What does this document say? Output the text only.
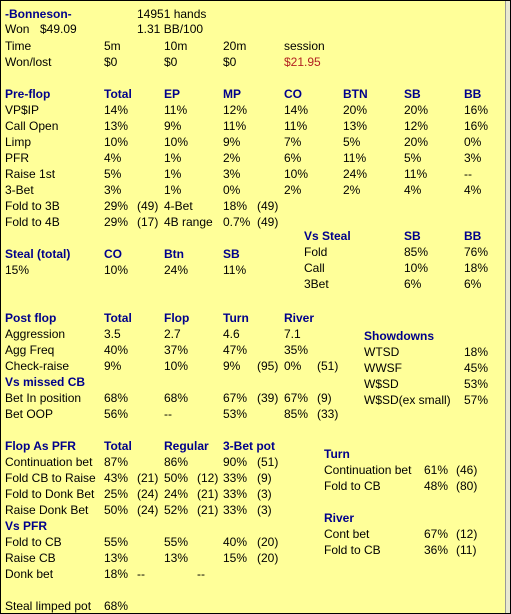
-Bonneson-	14951 hands
Won $49.09	1.31 BB/100
Time	5m	10m	20m	session
Won/lost	$0	$0	$0	$21.95
Pre-flop	Total	EP	MP	CO	BTN	SB	BB
VP$IP	14%	11%	12%	14%	20%	20%	16%
Call Open	13%	9%	11%	11%	13%	12%	16%
Limp	10%	10%	9%	7%	5%	20%	0%
PFR	4%	1%	2%	6%	11%	5%	3%
Raise 1st	5%	1%	3%	10%	24%	11%	--
3-Bet	3%	1%	0%	2%	2%	4%	4%
Fold to 3B	29% (49) 4-Bet	18% (49)
Fold to 4B	29% (17) 4B range 0.7% (49)
Vs Steal	SB	BB
Fold	85%	76%
Call	10%	18%
3Bet	6%	6%
Steal (total)	CO	Btn	SB
15%	10%	24%	11%
Post flop	Total	Flop	Turn	River
Aggression	3.5	2.7	4.6	7.1
Agg Freq	40%	37%	47%	35%
Check-raise	9%	10%	9% (95) 0% (51)
Vs missed CB
Bet In position 68%	68%	67% (39) 67% (9)
Bet OOP	56%	--	53%	85% (33)
Showdowns
WTSD	18%
WWSF	45%
W$SD	53%
W$SD(ex small) 57%
Flop As PFR Total	Regular 3-Bet pot
Continuation bet 87%	86%	90% (51)
Fold CB to Raise 43% (21) 50% (12) 33% (9)
Fold to Donk Bet 25% (24) 24% (21) 33% (3)
Raise Donk Bet 50% (24) 52% (21) 33% (3)
Vs PFR
Fold to CB	55%	55%	40% (20)
Raise CB	13%	13%	15% (20)
Donk bet	18% --	--
Turn
Continuation bet 61% (46)
Fold to CB	48% (80)
River
Cont bet	67% (12)
Fold to CB	36% (11)
Steal limped pot 68%
